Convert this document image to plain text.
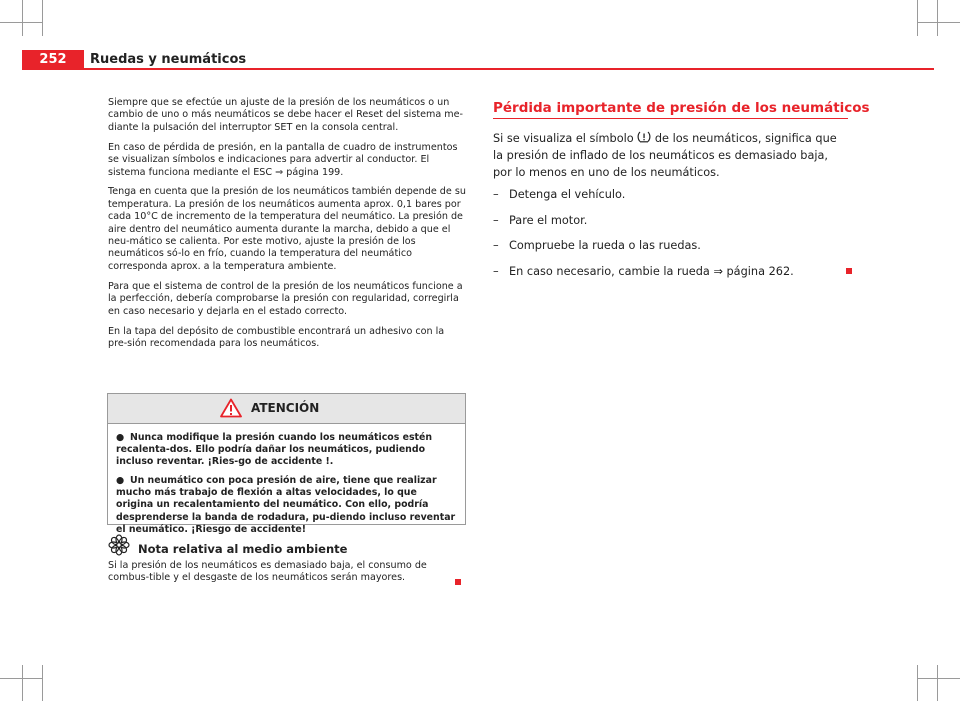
252	Ruedas y neumáticos

Siempre que se efectúe un ajuste de la presión de los neumáticos o un cambio de uno o más neumáticos se debe hacer el Reset del sistema me-diante la pulsación del interruptor SET en la consola central.

En caso de pérdida de presión, en la pantalla de cuadro de instrumentos se visualizan símbolos e indicaciones para advertir al conductor. El sistema funciona mediante el ESC ⇒ página 199.

Tenga en cuenta que la presión de los neumáticos también depende de su temperatura. La presión de los neumáticos aumenta aprox. 0,1 bares por cada 10°C de incremento de la temperatura del neumático. La presión de aire dentro del neumático aumenta durante la marcha, debido a que el neu-mático se calienta. Por este motivo, ajuste la presión de los neumáticos só-lo en frío, cuando la temperatura del neumático corresponda aprox. a la temperatura ambiente.

Para que el sistema de control de la presión de los neumáticos funcione a la perfección, debería comprobarse la presión con regularidad, corregirla en caso necesario y dejarla en el estado correcto.

En la tapa del depósito de combustible encontrará un adhesivo con la pre-sión recomendada para los neumáticos.

ATENCIÓN

● Nunca modifique la presión cuando los neumáticos estén recalenta-dos. Ello podría dañar los neumáticos, pudiendo incluso reventar. ¡Ries-go de accidente !.

● Un neumático con poca presión de aire, tiene que realizar mucho más trabajo de flexión a altas velocidades, lo que origina un recalentamiento del neumático. Con ello, podría desprenderse la banda de rodadura, pu-diendo incluso reventar el neumático. ¡Riesgo de accidente!

Nota relativa al medio ambiente
Si la presión de los neumáticos es demasiado baja, el consumo de combus-tible y el desgaste de los neumáticos serán mayores.
Pérdida importante de presión de los neumáticos
Si se visualiza el símbolo de los neumáticos, significa que la presión de inflado de los neumáticos es demasiado baja, por lo menos en uno de los neumáticos.
– Detenga el vehículo.
– Pare el motor.
– Compruebe la rueda o las ruedas.
– En caso necesario, cambie la rueda ⇒ página 262.
